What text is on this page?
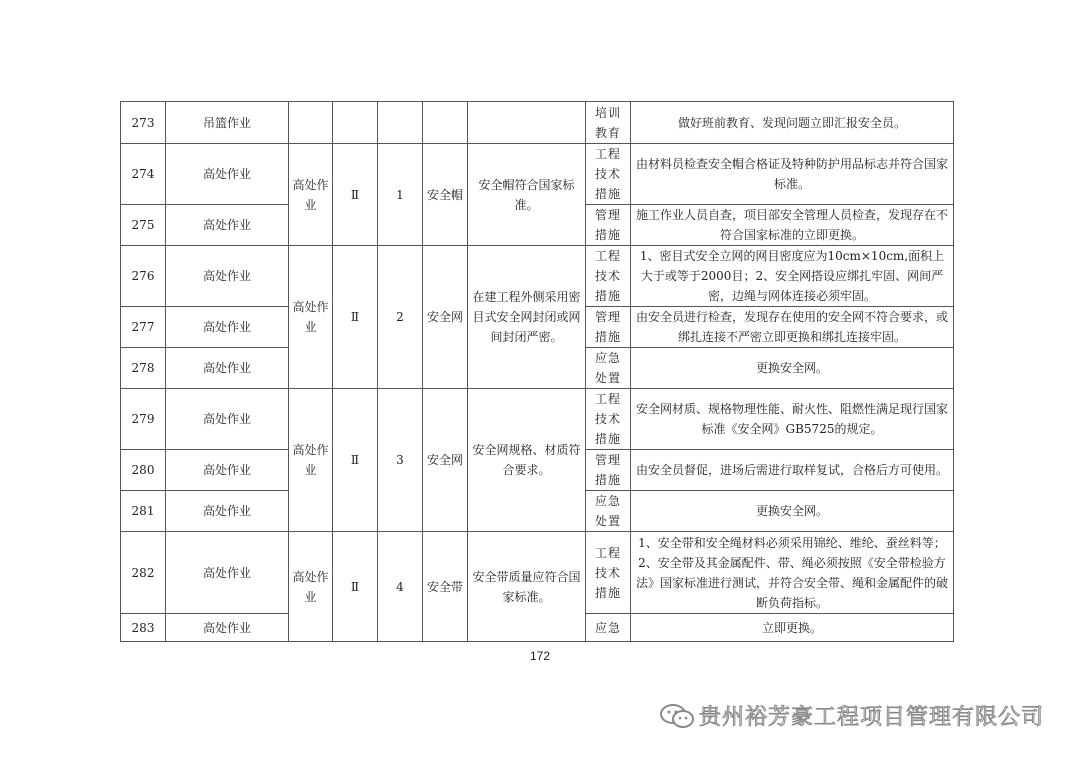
273	吊篮作业						培训教育	做好班前教育、发现问题立即汇报安全员。
274	高处作业	高处作业	Ⅱ	1	安全帽	安全帽符合国家标准。	工程技术措施	由材料员检查安全帽合格证及特种防护用品标志并符合国家标准。
275	高处作业						管理措施	施工作业人员自查，项目部安全管理人员检查，发现存在不符合国家标准的立即更换。
276	高处作业	高处作业	Ⅱ	2	安全网	在建工程外侧采用密目式安全网封闭或网间封闭严密。	工程技术措施	1、密目式安全立网的网目密度应为10cm×10cm,面积上大于或等于2000目；2、安全网搭设应绑扎牢固、网间严密，边绳与网体连接必须牢固。
277	高处作业						管理措施	由安全员进行检查，发现存在使用的安全网不符合要求，或绑扎连接不严密立即更换和绑扎连接牢固。
278	高处作业						应急处置	更换安全网。
279	高处作业	高处作业	Ⅱ	3	安全网	安全网规格、材质符合要求。	工程技术措施	安全网材质、规格物理性能、耐火性、阻燃性满足现行国家标准《安全网》GB5725的规定。
280	高处作业						管理措施	由安全员督促，进场后需进行取样复试，合格后方可使用。
281	高处作业						应急处置	更换安全网。
282	高处作业	高处作业	Ⅱ	4	安全带	安全带质量应符合国家标准。	工程技术措施	1、安全带和安全绳材料必须采用锦纶、维纶、蚕丝料等；2、安全带及其金属配件、带、绳必须按照《安全带检验方法》国家标准进行测试，并符合安全带、绳和金属配件的破断负荷指标。
283	高处作业						应急	立即更换。
172
贵州裕芳豪工程项目管理有限公司
